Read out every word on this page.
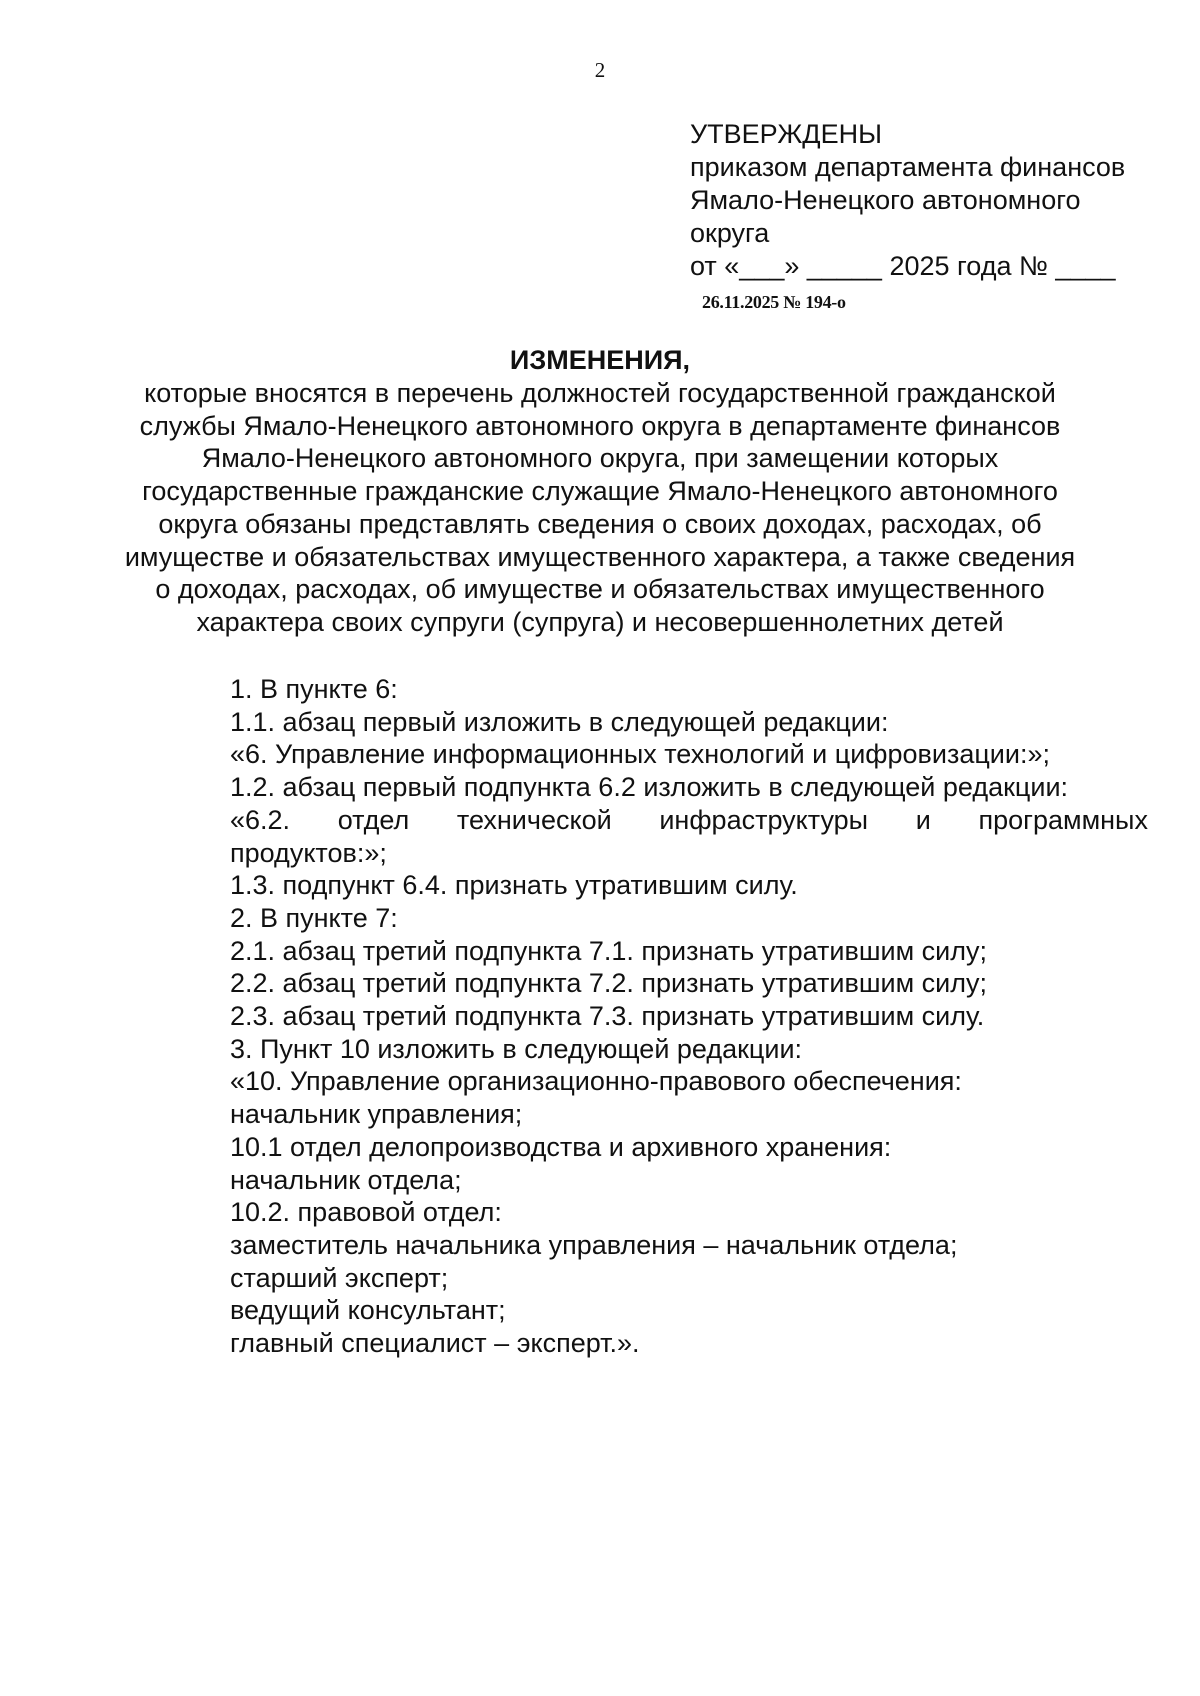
2
УТВЕРЖДЕНЫ
приказом департамента финансов
Ямало-Ненецкого автономного
округа
от «___» _____ 2025 года № ____
26.11.2025 № 194-о
ИЗМЕНЕНИЯ,
которые вносятся в перечень должностей государственной гражданской
службы Ямало-Ненецкого автономного округа в департаменте финансов
Ямало-Ненецкого автономного округа, при замещении которых
государственные гражданские служащие Ямало-Ненецкого автономного
округа обязаны представлять сведения о своих доходах, расходах, об
имуществе и обязательствах имущественного характера, а также сведения
о доходах, расходах, об имуществе и обязательствах имущественного
характера своих супруги (супруга) и несовершеннолетних детей
1. В пункте 6:
1.1. абзац первый изложить в следующей редакции:
«6. Управление информационных технологий и цифровизации:»;
1.2. абзац первый подпункта 6.2 изложить в следующей редакции:
«6.2. отдел технической инфраструктуры и программных
продуктов:»;
1.3. подпункт 6.4. признать утратившим силу.
2. В пункте 7:
2.1. абзац третий подпункта 7.1. признать утратившим силу;
2.2. абзац третий подпункта 7.2. признать утратившим силу;
2.3. абзац третий подпункта 7.3. признать утратившим силу.
3. Пункт 10 изложить в следующей редакции:
«10. Управление организационно-правового обеспечения:
начальник управления;
10.1 отдел делопроизводства и архивного хранения:
начальник отдела;
10.2. правовой отдел:
заместитель начальника управления – начальник отдела;
старший эксперт;
ведущий консультант;
главный специалист – эксперт.».
